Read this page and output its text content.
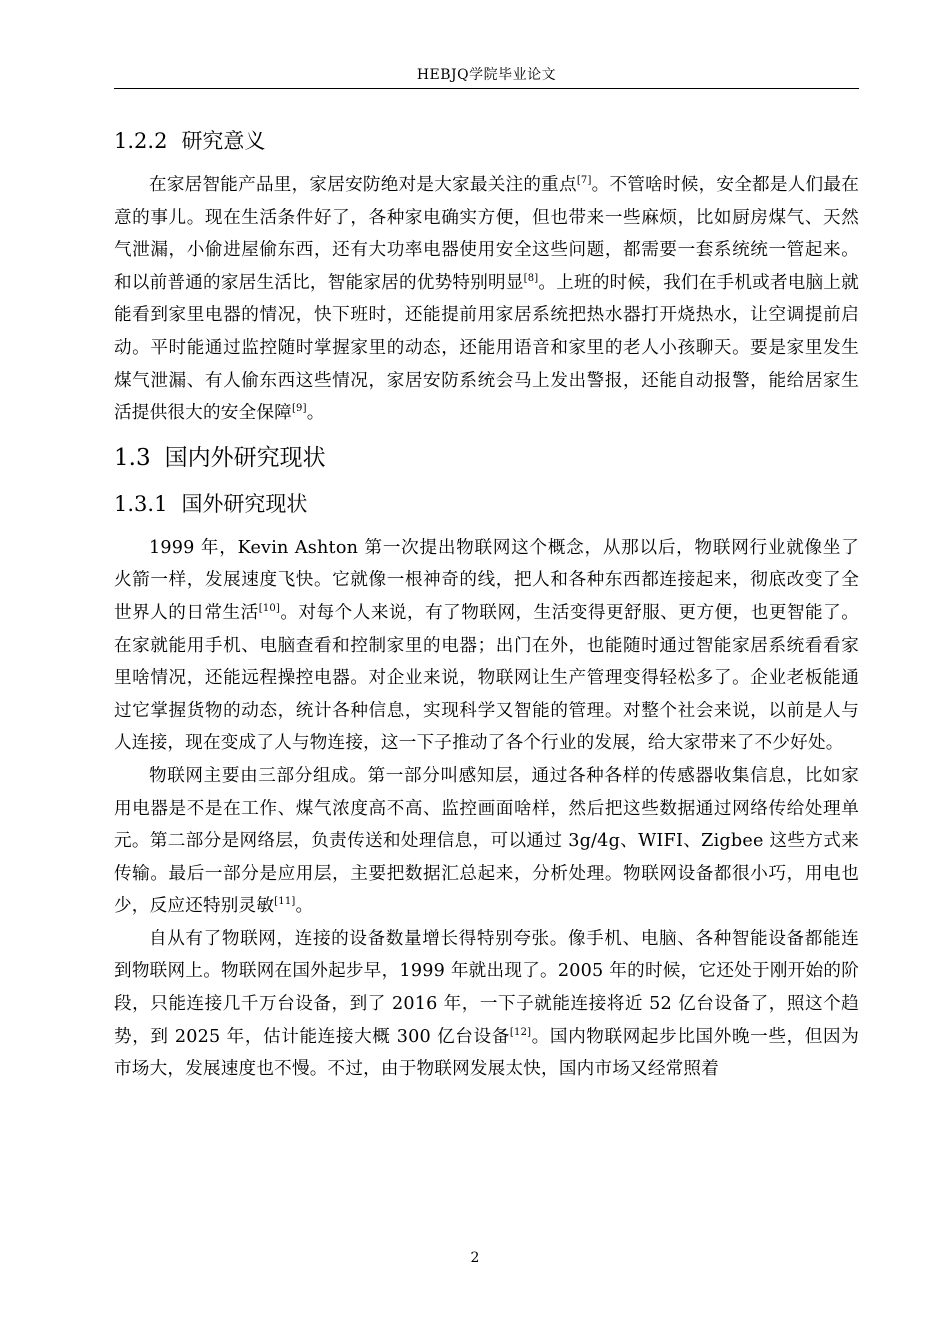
HEBJQ学院毕业论文
1.2.2 研究意义

在家居智能产品里，家居安防绝对是大家最关注的重点[7]。不管啥时候，安全都是人们最在意的事儿。现在生活条件好了，各种家电确实方便，但也带来一些麻烦，比如厨房煤气、天然气泄漏，小偷进屋偷东西，还有大功率电器使用安全这些问题，都需要一套系统统一管起来。和以前普通的家居生活比，智能家居的优势特别明显[8]。上班的时候，我们在手机或者电脑上就能看到家里电器的情况，快下班时，还能提前用家居系统把热水器打开烧热水，让空调提前启动。平时能通过监控随时掌握家里的动态，还能用语音和家里的老人小孩聊天。要是家里发生煤气泄漏、有人偷东西这些情况，家居安防系统会马上发出警报，还能自动报警，能给居家生活提供很大的安全保障[9]。

1.3 国内外研究现状
1.3.1 国外研究现状

1999 年，Kevin Ashton 第一次提出物联网这个概念，从那以后，物联网行业就像坐了火箭一样，发展速度飞快。它就像一根神奇的线，把人和各种东西都连接起来，彻底改变了全世界人的日常生活[10]。对每个人来说，有了物联网，生活变得更舒服、更方便，也更智能了。在家就能用手机、电脑查看和控制家里的电器；出门在外，也能随时通过智能家居系统看看家里啥情况，还能远程操控电器。对企业来说，物联网让生产管理变得轻松多了。企业老板能通过它掌握货物的动态，统计各种信息，实现科学又智能的管理。对整个社会来说，以前是人与人连接，现在变成了人与物连接，这一下子推动了各个行业的发展，给大家带来了不少好处。

物联网主要由三部分组成。第一部分叫感知层，通过各种各样的传感器收集信息，比如家用电器是不是在工作、煤气浓度高不高、监控画面啥样，然后把这些数据通过网络传给处理单元。第二部分是网络层，负责传送和处理信息，可以通过 3g/4g、WIFI、Zigbee 这些方式来传输。最后一部分是应用层，主要把数据汇总起来，分析处理。物联网设备都很小巧，用电也少，反应还特别灵敏[11]。

自从有了物联网，连接的设备数量增长得特别夸张。像手机、电脑、各种智能设备都能连到物联网上。物联网在国外起步早，1999 年就出现了。2005 年的时候，它还处于刚开始的阶段，只能连接几千万台设备，到了 2016 年，一下子就能连接将近 52 亿台设备了，照这个趋势，到 2025 年，估计能连接大概 300 亿台设备[12]。国内物联网起步比国外晚一些，但因为市场大，发展速度也不慢。不过，由于物联网发展太快，国内市场又经常照着

2
